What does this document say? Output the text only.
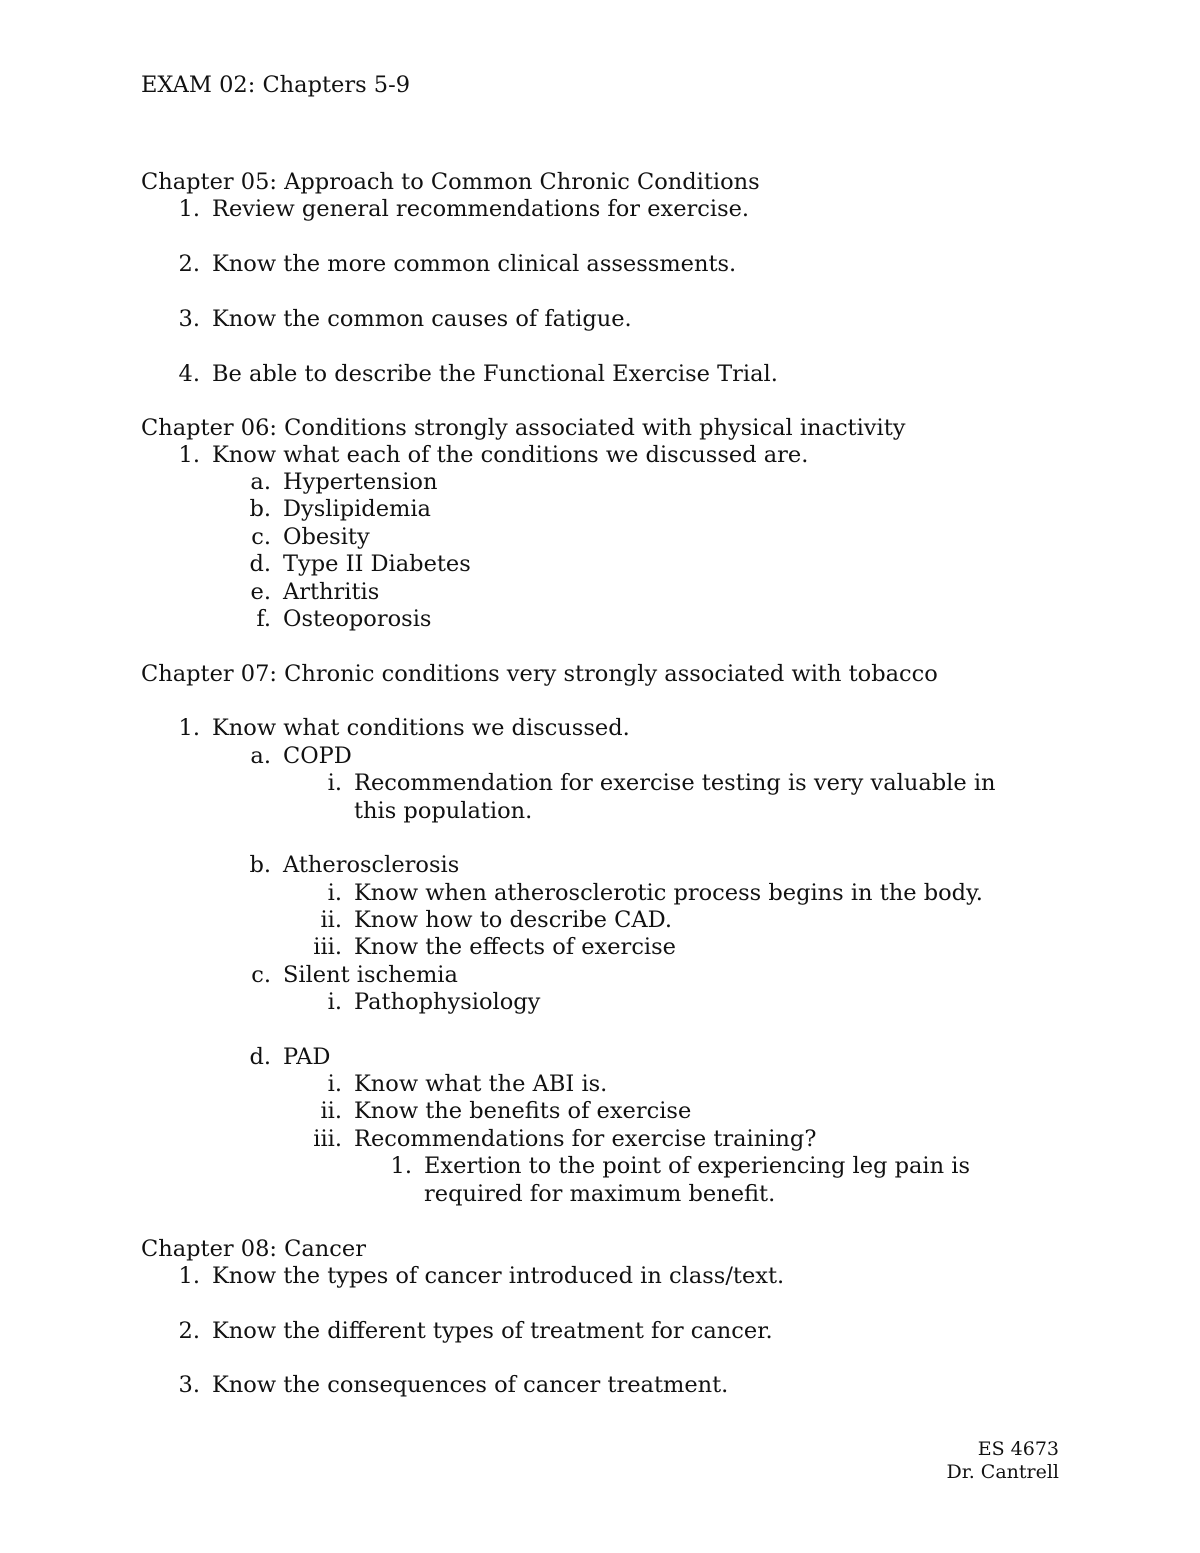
EXAM 02: Chapters 5-9
Chapter 05: Approach to Common Chronic Conditions
1. Review general recommendations for exercise.
2. Know the more common clinical assessments.
3. Know the common causes of fatigue.
4. Be able to describe the Functional Exercise Trial.
Chapter 06: Conditions strongly associated with physical inactivity
1. Know what each of the conditions we discussed are.
a. Hypertension
b. Dyslipidemia
c. Obesity
d. Type II Diabetes
e. Arthritis
f. Osteoporosis
Chapter 07: Chronic conditions very strongly associated with tobacco
1. Know what conditions we discussed.
a. COPD
i. Recommendation for exercise testing is very valuable in
this population.
b. Atherosclerosis
i. Know when atherosclerotic process begins in the body.
ii. Know how to describe CAD.
iii. Know the effects of exercise
c. Silent ischemia
i. Pathophysiology
d. PAD
i. Know what the ABI is.
ii. Know the benefits of exercise
iii. Recommendations for exercise training?
1. Exertion to the point of experiencing leg pain is
required for maximum benefit.
Chapter 08: Cancer
1. Know the types of cancer introduced in class/text.
2. Know the different types of treatment for cancer.
3. Know the consequences of cancer treatment.
ES 4673
Dr. Cantrell
